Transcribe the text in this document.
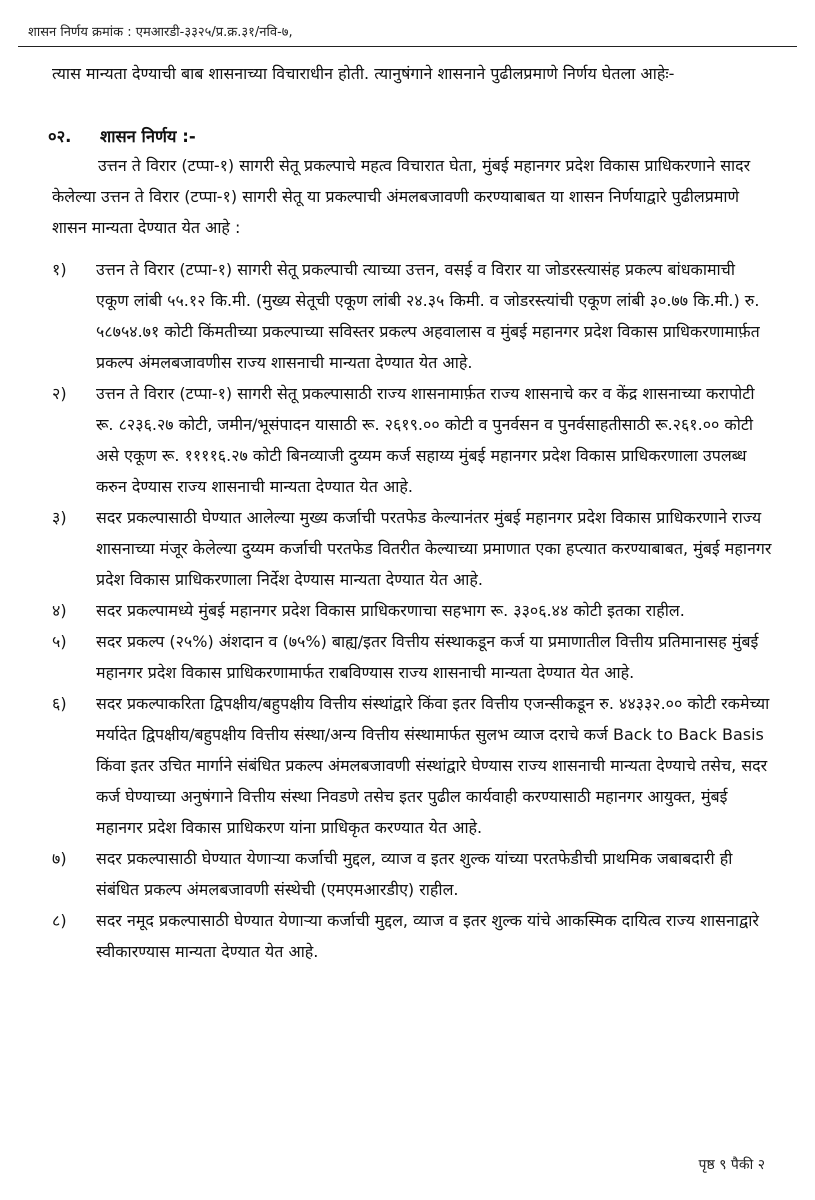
शासन निर्णय क्रमांक : एमआरडी-३३२५/प्र.क्र.३१/नवि-७,
त्यास मान्यता देण्याची बाब शासनाच्या विचाराधीन होती. त्यानुषंगाने शासनाने पुढीलप्रमाणे निर्णय घेतला आहेः-
०२. शासन निर्णय :-
उत्तन ते विरार (टप्पा-१) सागरी सेतू प्रकल्पाचे महत्व विचारात घेता, मुंबई महानगर प्रदेश विकास प्राधिकरणाने सादर केलेल्या उत्तन ते विरार (टप्पा-१) सागरी सेतू या प्रकल्पाची अंमलबजावणी करण्याबाबत या शासन निर्णयाद्वारे पुढीलप्रमाणे शासन मान्यता देण्यात येत आहे :
१)	उत्तन ते विरार (टप्पा-१) सागरी सेतू प्रकल्पाची त्याच्या उत्तन, वसई व विरार या जोडरस्त्यासंह प्रकल्प बांधकामाची एकूण लांबी ५५.१२ कि.मी. (मुख्य सेतूची एकूण लांबी २४.३५ किमी. व जोडरस्त्यांची एकूण लांबी ३०.७७ कि.मी.) रु. ५८७५४.७१ कोटी किंमतीच्या प्रकल्पाच्या सविस्तर प्रकल्प अहवालास व मुंबई महानगर प्रदेश विकास प्राधिकरणामार्फ़त प्रकल्प अंमलबजावणीस राज्य शासनाची मान्यता देण्यात येत आहे.
२)	उत्तन ते विरार (टप्पा-१) सागरी सेतू प्रकल्पासाठी राज्य शासनामार्फ़त राज्य शासनाचे कर व केंद्र शासनाच्या करापोटी रू. ८२३६.२७ कोटी, जमीन/भूसंपादन यासाठी रू. २६१९.०० कोटी व पुनर्वसन व पुनर्वसाहतीसाठी रू.२६१.०० कोटी असे एकूण रू. ११११६.२७ कोटी बिनव्याजी दुय्यम कर्ज सहाय्य मुंबई महानगर प्रदेश विकास प्राधिकरणाला उपलब्ध करुन देण्यास राज्य शासनाची मान्यता देण्यात येत आहे.
३)	सदर प्रकल्पासाठी घेण्यात आलेल्या मुख्य कर्जाची परतफेड केल्यानंतर मुंबई महानगर प्रदेश विकास प्राधिकरणाने राज्य शासनाच्या मंजूर केलेल्या दुय्यम कर्जाची परतफेड वितरीत केल्याच्या प्रमाणात एका हप्त्यात करण्याबाबत, मुंबई महानगर प्रदेश विकास प्राधिकरणाला निर्देश देण्यास मान्यता देण्यात येत आहे.
४)	सदर प्रकल्पामध्ये मुंबई महानगर प्रदेश विकास प्राधिकरणाचा सहभाग रू. ३३०६.४४ कोटी इतका राहील.
५)	सदर प्रकल्प (२५%) अंशदान व (७५%) बाह्य/इतर वित्तीय संस्थाकडून कर्ज या प्रमाणातील वित्तीय प्रतिमानासह मुंबई महानगर प्रदेश विकास प्राधिकरणामार्फत राबविण्यास राज्य शासनाची मान्यता देण्यात येत आहे.
६)	सदर प्रकल्पाकरिता द्विपक्षीय/बहुपक्षीय वित्तीय संस्थांद्वारे किंवा इतर वित्तीय एजन्सीकडून रु. ४४३३२.०० कोटी रकमेच्या मर्यादेत द्विपक्षीय/बहुपक्षीय वित्तीय संस्था/अन्य वित्तीय संस्थामार्फत सुलभ व्याज दराचे कर्ज Back to Back Basis किंवा इतर उचित मार्गाने संबंधित प्रकल्प अंमलबजावणी संस्थांद्वारे घेण्यास राज्य शासनाची मान्यता देण्याचे तसेच, सदर कर्ज घेण्याच्या अनुषंगाने वित्तीय संस्था निवडणे तसेच इतर पुढील कार्यवाही करण्यासाठी महानगर आयुक्त, मुंबई महानगर प्रदेश विकास प्राधिकरण यांना प्राधिकृत करण्यात येत आहे.
७)	सदर प्रकल्पासाठी घेण्यात येणाऱ्या कर्जाची मुद्दल, व्याज व इतर शुल्क यांच्या परतफेडीची प्राथमिक जबाबदारी ही संबंधित प्रकल्प अंमलबजावणी संस्थेची (एमएमआरडीए) राहील.
८)	सदर नमूद प्रकल्पासाठी घेण्यात येणाऱ्या कर्जाची मुद्दल, व्याज व इतर शुल्क यांचे आकस्मिक दायित्व राज्य शासनाद्वारे स्वीकारण्यास मान्यता देण्यात येत आहे.
पृष्ठ ९ पैकी २
